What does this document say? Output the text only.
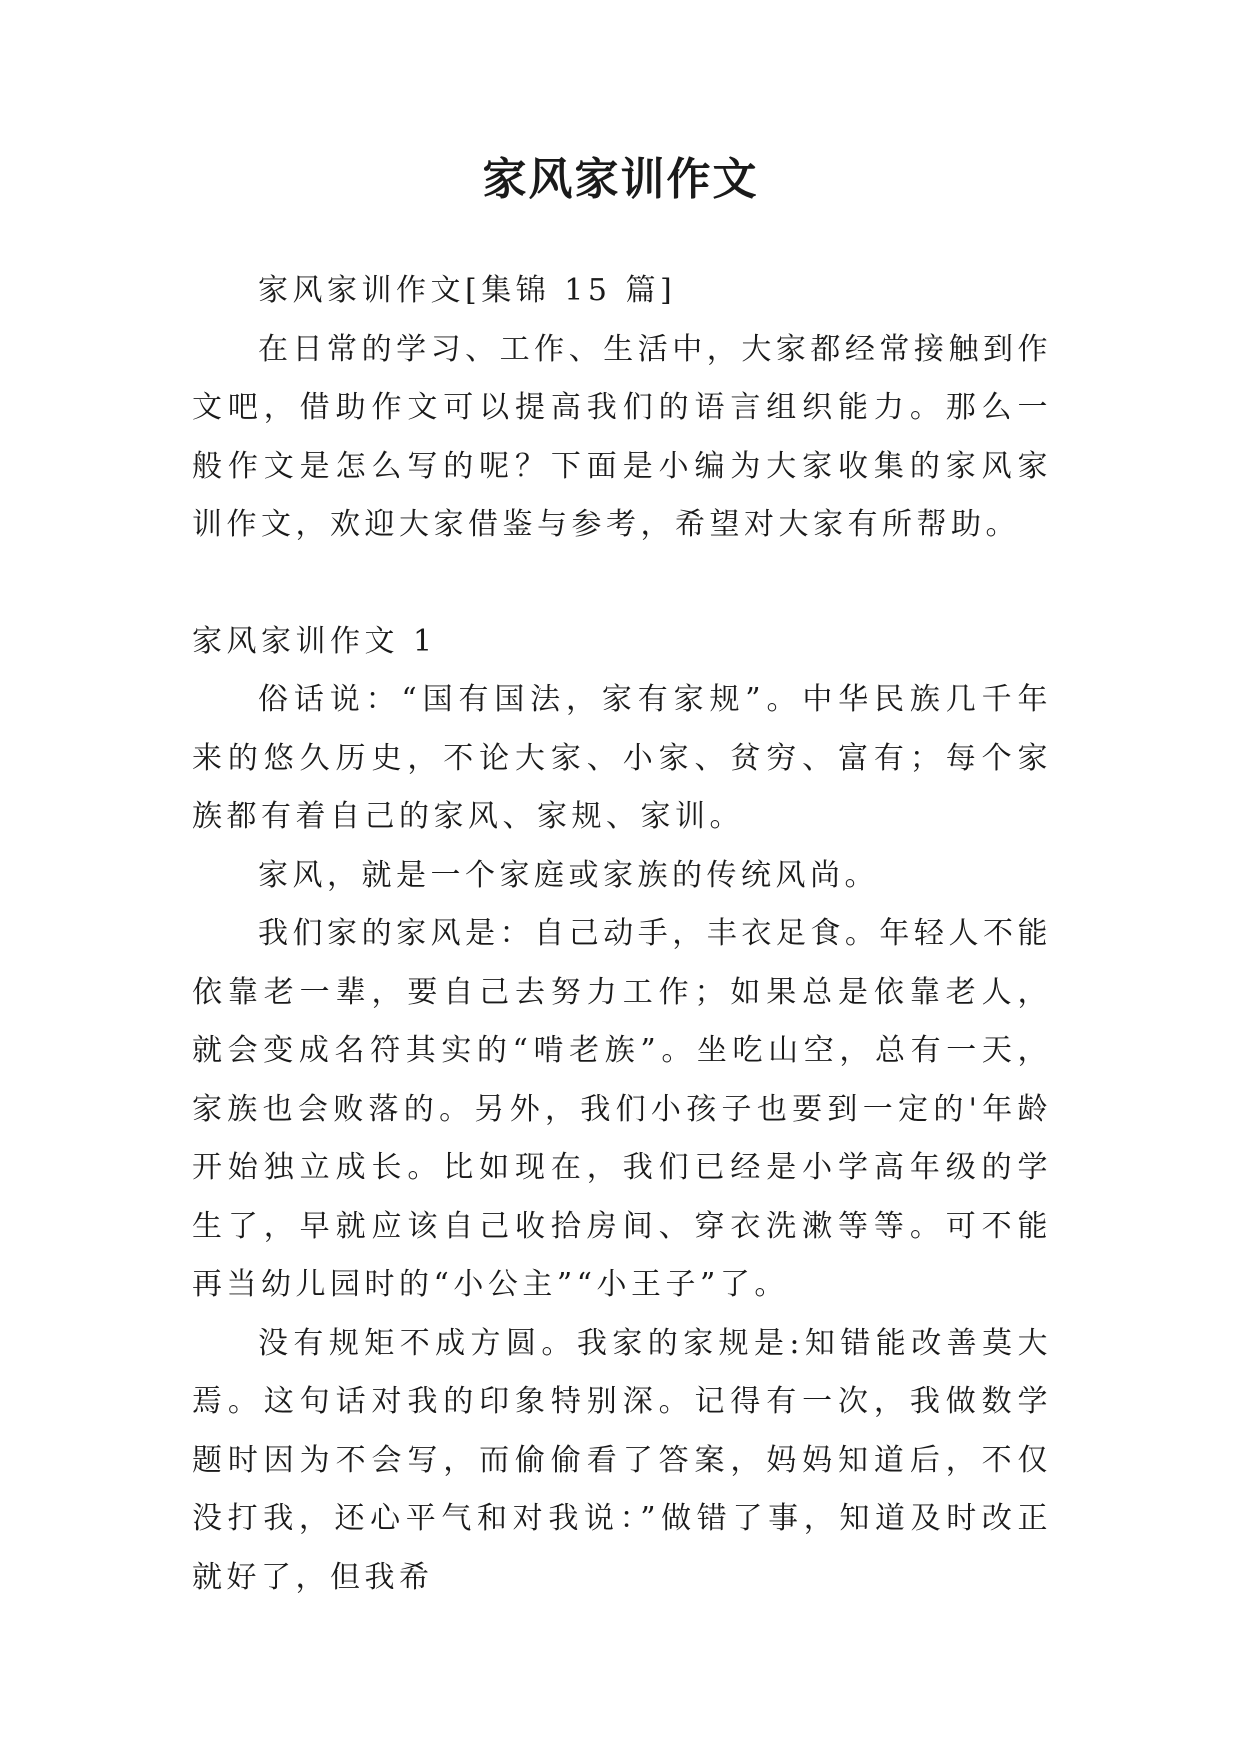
家风家训作文

家风家训作文[集锦 15 篇]

在日常的学习、工作、生活中，大家都经常接触到作文吧，借助作文可以提高我们的语言组织能力。那么一般作文是怎么写的呢？下面是小编为大家收集的家风家训作文，欢迎大家借鉴与参考，希望对大家有所帮助。

家风家训作文 1

俗话说：“国有国法，家有家规”。中华民族几千年来的悠久历史，不论大家、小家、贫穷、富有；每个家族都有着自己的家风、家规、家训。

家风，就是一个家庭或家族的传统风尚。

我们家的家风是：自己动手，丰衣足食。年轻人不能依靠老一辈，要自己去努力工作；如果总是依靠老人，就会变成名符其实的“啃老族”。坐吃山空，总有一天，家族也会败落的。另外，我们小孩子也要到一定的'年龄开始独立成长。比如现在，我们已经是小学高年级的学生了，早就应该自己收拾房间、穿衣洗漱等等。可不能再当幼儿园时的“小公主”“小王子”了。

没有规矩不成方圆。我家的家规是:知错能改善莫大焉。这句话对我的印象特别深。记得有一次，我做数学题时因为不会写，而偷偷看了答案，妈妈知道后，不仅没打我，还心平气和对我说：”做错了事，知道及时改正就好了，但我希
